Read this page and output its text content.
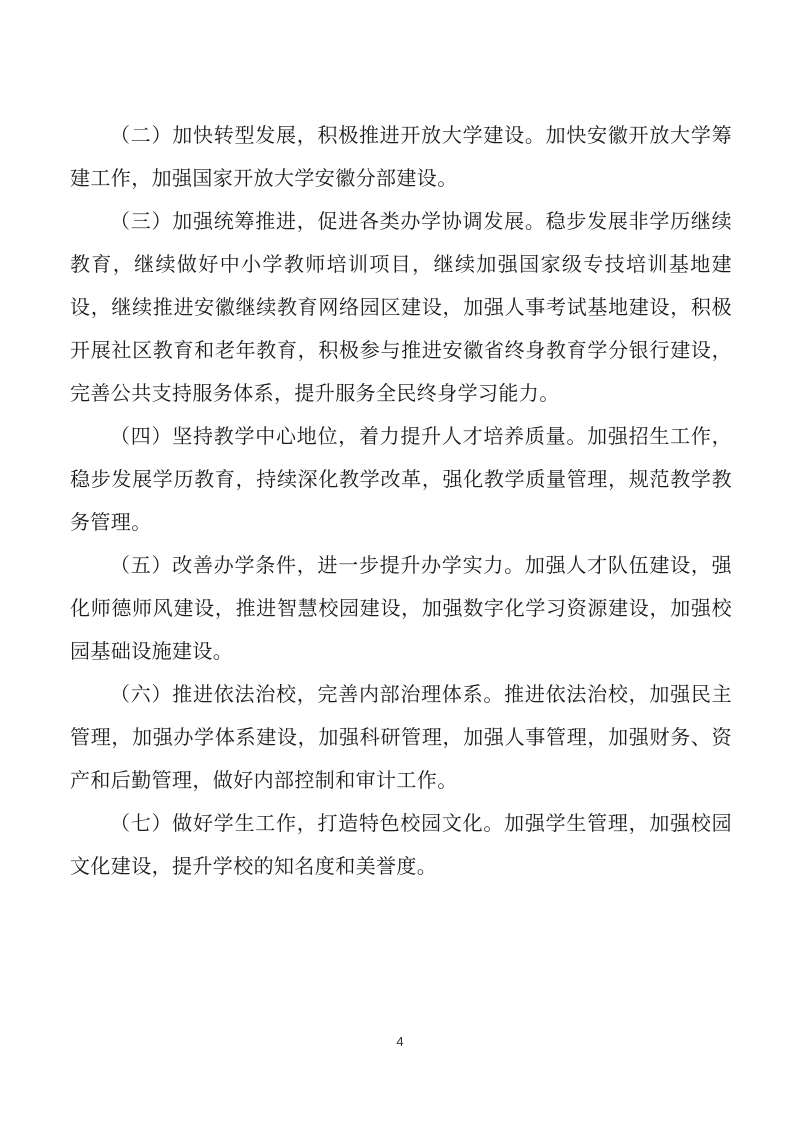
（二）加快转型发展，积极推进开放大学建设。加快安徽开放大学筹建工作，加强国家开放大学安徽分部建设。

（三）加强统筹推进，促进各类办学协调发展。稳步发展非学历继续教育，继续做好中小学教师培训项目，继续加强国家级专技培训基地建设，继续推进安徽继续教育网络园区建设，加强人事考试基地建设，积极开展社区教育和老年教育，积极参与推进安徽省终身教育学分银行建设，完善公共支持服务体系，提升服务全民终身学习能力。

（四）坚持教学中心地位，着力提升人才培养质量。加强招生工作，稳步发展学历教育，持续深化教学改革，强化教学质量管理，规范教学教务管理。

（五）改善办学条件，进一步提升办学实力。加强人才队伍建设，强化师德师风建设，推进智慧校园建设，加强数字化学习资源建设，加强校园基础设施建设。

（六）推进依法治校，完善内部治理体系。推进依法治校，加强民主管理，加强办学体系建设，加强科研管理，加强人事管理，加强财务、资产和后勤管理，做好内部控制和审计工作。

（七）做好学生工作，打造特色校园文化。加强学生管理，加强校园文化建设，提升学校的知名度和美誉度。

4
